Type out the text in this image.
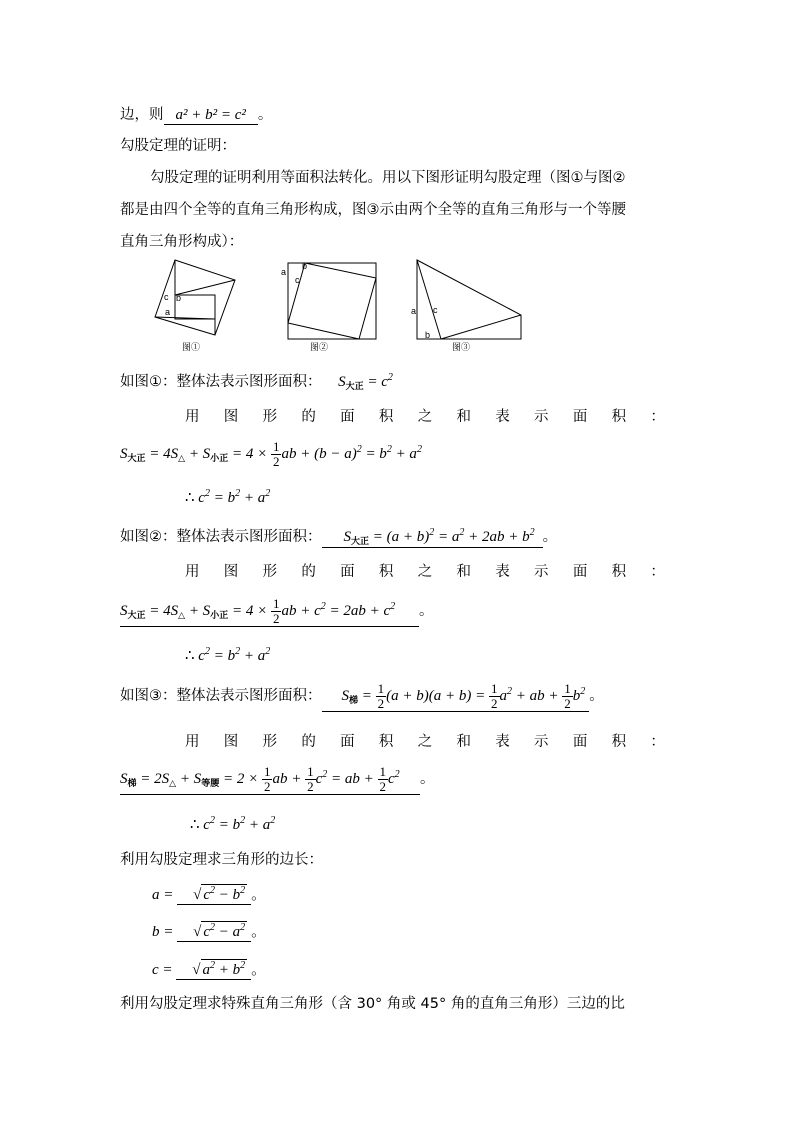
边，则 a² + b² = c² 。
勾股定理的证明：
勾股定理的证明利用等面积法转化。用以下图形证明勾股定理（图①与图②
都是由四个全等的直角三角形构成，图③示由两个全等的直角三角形与一个等腰
直角三角形构成）：
c b
a
a
b
c
a c
b
图①	图②	图③
如图①：整体法表示图形面积： $S_{大正} = c^2$
用 图 形 的 面 积 之 和 表 示 面 积 ：
$S_{大正} = 4S_\triangle + S_{小正} = 4 \times \frac{1}{2}$ ab + $(b - a)^2 = b^2 + a^2$
∴ $c^2 = b^2 + a^2$
如图②：整体法表示图形面积： $S_{大正} = (a + b)^2 = a^2 + 2ab + b^2$ 。
用 图 形 的 面 积 之 和 表 示 面 积 ：
$S_{大正} = 4S_\triangle + S_{小正} = 4 \times \frac{1}{2}$ ab + $c^2 = 2ab + c^2$ 。
∴ $c^2 = b^2 + a^2$
如图③：整体法表示图形面积： $S_梯 = \frac{1}{2} (a + b)(a + b) = \frac{1}{2} a^2$ + ab + $\frac{1}{2} b^2$ 。
用 图 形 的 面 积 之 和 表 示 面 积 ：
$S_梯 = 2S_\triangle + S_{等腰} = 2 \times \frac{1}{2}$ ab + $\frac{1}{2} c^2$ = ab + $\frac{1}{2} c^2$ 。
∴ $c^2 = b^2 + a^2$
利用勾股定理求三角形的边长：
a = √ $c^2 - b^2$ 。
b = √ $c^2 - a^2$ 。
c = √ $a^2 + b^2$ 。
利用勾股定理求特殊直角三角形（含 30° 角或 45° 角的直角三角形）三边的比
